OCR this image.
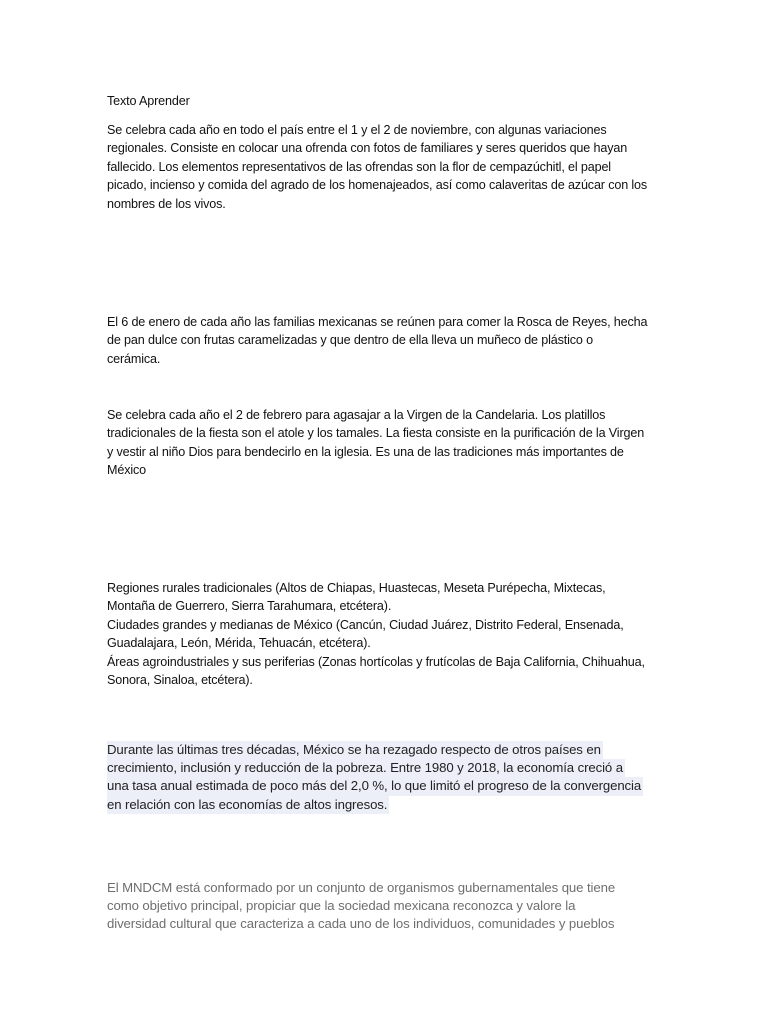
Texto Aprender
Se celebra cada año en todo el país entre el 1 y el 2 de noviembre, con algunas variaciones
regionales. Consiste en colocar una ofrenda con fotos de familiares y seres queridos que hayan
fallecido. Los elementos representativos de las ofrendas son la flor de cempazúchitl, el papel
picado, incienso y comida del agrado de los homenajeados, así como calaveritas de azúcar con los
nombres de los vivos.
El 6 de enero de cada año las familias mexicanas se reúnen para comer la Rosca de Reyes, hecha
de pan dulce con frutas caramelizadas y que dentro de ella lleva un muñeco de plástico o
cerámica.
Se celebra cada año el 2 de febrero para agasajar a la Virgen de la Candelaria. Los platillos
tradicionales de la fiesta son el atole y los tamales. La fiesta consiste en la purificación de la Virgen
y vestir al niño Dios para bendecirlo en la iglesia. Es una de las tradiciones más importantes de
México
Regiones rurales tradicionales (Altos de Chiapas, Huastecas, Meseta Purépecha, Mixtecas,
Montaña de Guerrero, Sierra Tarahumara, etcétera).
Ciudades grandes y medianas de México (Cancún, Ciudad Juárez, Distrito Federal, Ensenada,
Guadalajara, León, Mérida, Tehuacán, etcétera).
Áreas agroindustriales y sus periferias (Zonas hortícolas y frutícolas de Baja California, Chihuahua,
Sonora, Sinaloa, etcétera).
Durante las últimas tres décadas, México se ha rezagado respecto de otros países en
crecimiento, inclusión y reducción de la pobreza. Entre 1980 y 2018, la economía creció a
una tasa anual estimada de poco más del 2,0 %, lo que limitó el progreso de la convergencia
en relación con las economías de altos ingresos.
El MNDCM está conformado por un conjunto de organismos gubernamentales que tiene
como objetivo principal, propiciar que la sociedad mexicana reconozca y valore la
diversidad cultural que caracteriza a cada uno de los individuos, comunidades y pueblos
